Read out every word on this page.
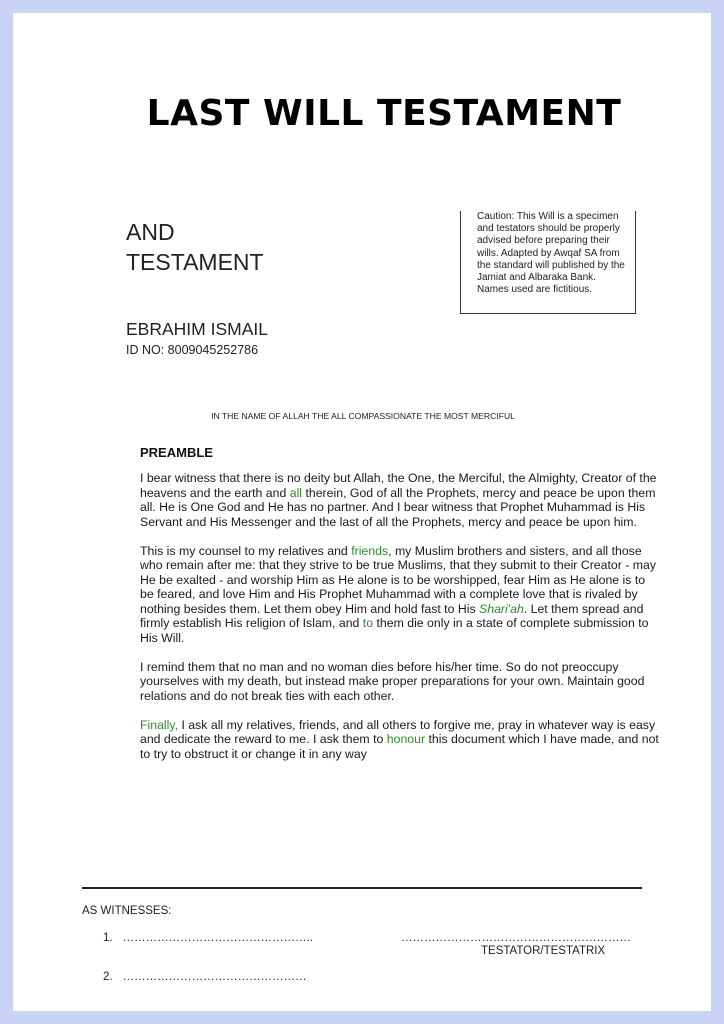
LAST WILL TESTAMENT
AND
TESTAMENT
Caution: This Will is a specimen and testators should be properly advised before preparing their wills. Adapted by Awqaf SA from the standard will published by the Jamiat and Albaraka Bank. Names used are fictitious.
EBRAHIM ISMAIL
ID NO: 8009045252786
IN THE NAME OF ALLAH THE ALL COMPASSIONATE THE MOST MERCIFUL
PREAMBLE

I bear witness that there is no deity but Allah, the One, the Merciful, the Almighty, Creator of the heavens and the earth and all therein, God of all the Prophets, mercy and peace be upon them all. He is One God and He has no partner. And I bear witness that Prophet Muhammad is His Servant and His Messenger and the last of all the Prophets, mercy and peace be upon him.

This is my counsel to my relatives and friends, my Muslim brothers and sisters, and all those who remain after me: that they strive to be true Muslims, that they submit to their Creator - may He be exalted - and worship Him as He alone is to be worshipped, fear Him as He alone is to be feared, and love Him and His Prophet Muhammad with a complete love that is rivaled by nothing besides them. Let them obey Him and hold fast to His Shari'ah. Let them spread and firmly establish His religion of Islam, and to them die only in a state of complete submission to His Will.

I remind them that no man and no woman dies before his/her time. So do not preoccupy yourselves with my death, but instead make proper preparations for your own. Maintain good relations and do not break ties with each other.

Finally, I ask all my relatives, friends, and all others to forgive me, pray in whatever way is easy and dedicate the reward to me. I ask them to honour this document which I have made, and not to try to obstruct it or change it in any way

AS WITNESSES:
1. …………………………………………..	……………………………………………………
TESTATOR/TESTATRIX
2. …………………………………………
